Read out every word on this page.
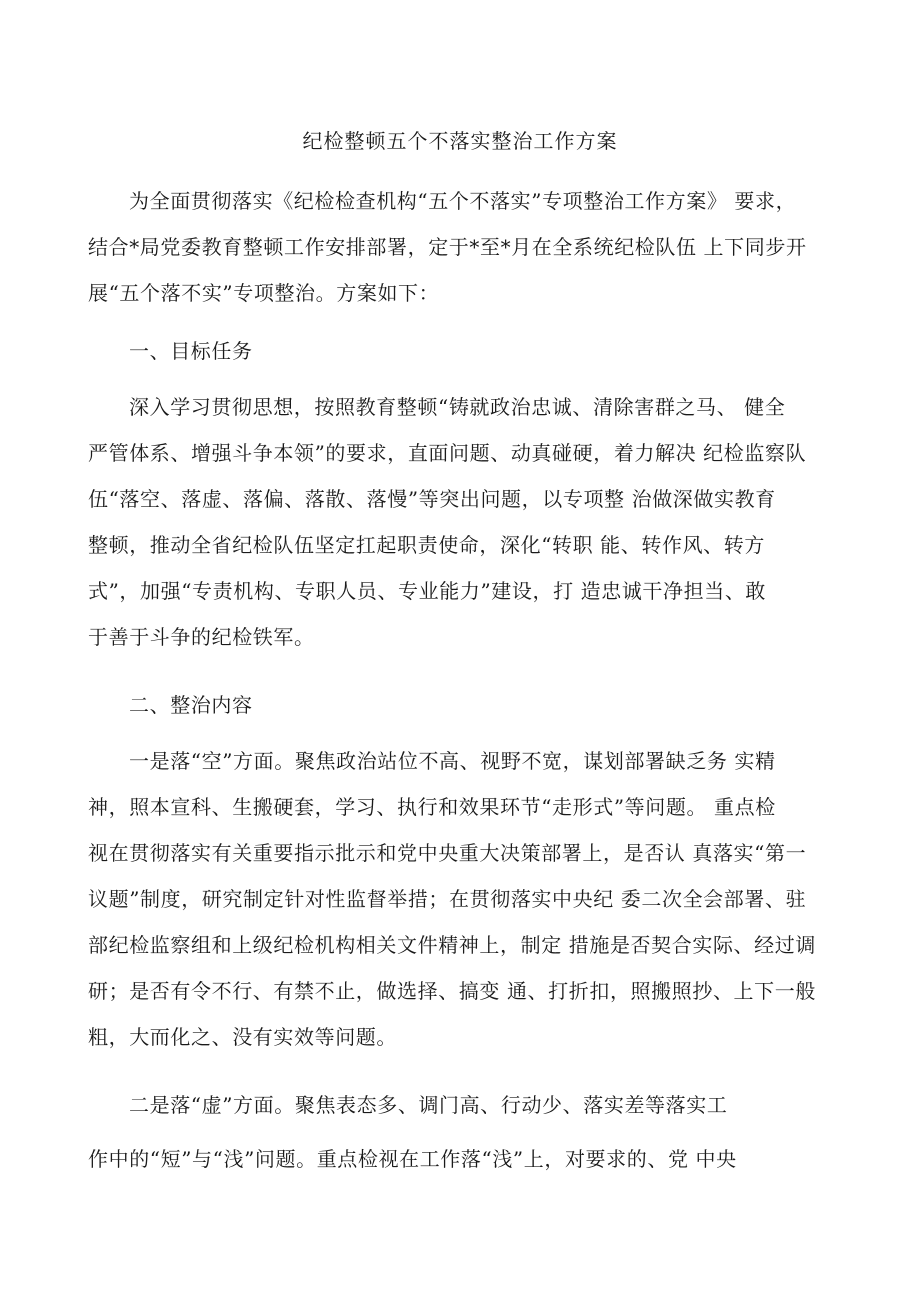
纪检整顿五个不落实整治工作方案
为全面贯彻落实《纪检检查机构“五个不落实”专项整治工作方案》 要求，
结合*局党委教育整顿工作安排部署，定于*至*月在全系统纪检队伍 上下同步开
展“五个落不实”专项整治。方案如下：
一、目标任务
深入学习贯彻思想，按照教育整顿“铸就政治忠诚、清除害群之马、 健全
严管体系、增强斗争本领”的要求，直面问题、动真碰硬，着力解决 纪检监察队
伍“落空、落虚、落偏、落散、落慢”等突出问题，以专项整 治做深做实教育
整顿，推动全省纪检队伍坚定扛起职责使命，深化“转职 能、转作风、转方
式”，加强“专责机构、专职人员、专业能力”建设，打 造忠诚干净担当、敢
于善于斗争的纪检铁军。
二、整治内容
一是落“空”方面。聚焦政治站位不高、视野不宽，谋划部署缺乏务 实精
神，照本宣科、生搬硬套，学习、执行和效果环节“走形式”等问题。 重点检
视在贯彻落实有关重要指示批示和党中央重大决策部署上，是否认 真落实“第一
议题”制度，研究制定针对性监督举措；在贯彻落实中央纪 委二次全会部署、驻
部纪检监察组和上级纪检机构相关文件精神上，制定 措施是否契合实际、经过调
研；是否有令不行、有禁不止，做选择、搞变 通、打折扣，照搬照抄、上下一般
粗，大而化之、没有实效等问题。
二是落“虚”方面。聚焦表态多、调门高、行动少、落实差等落实工
作中的“短”与“浅”问题。重点检视在工作落“浅”上，对要求的、党 中央
